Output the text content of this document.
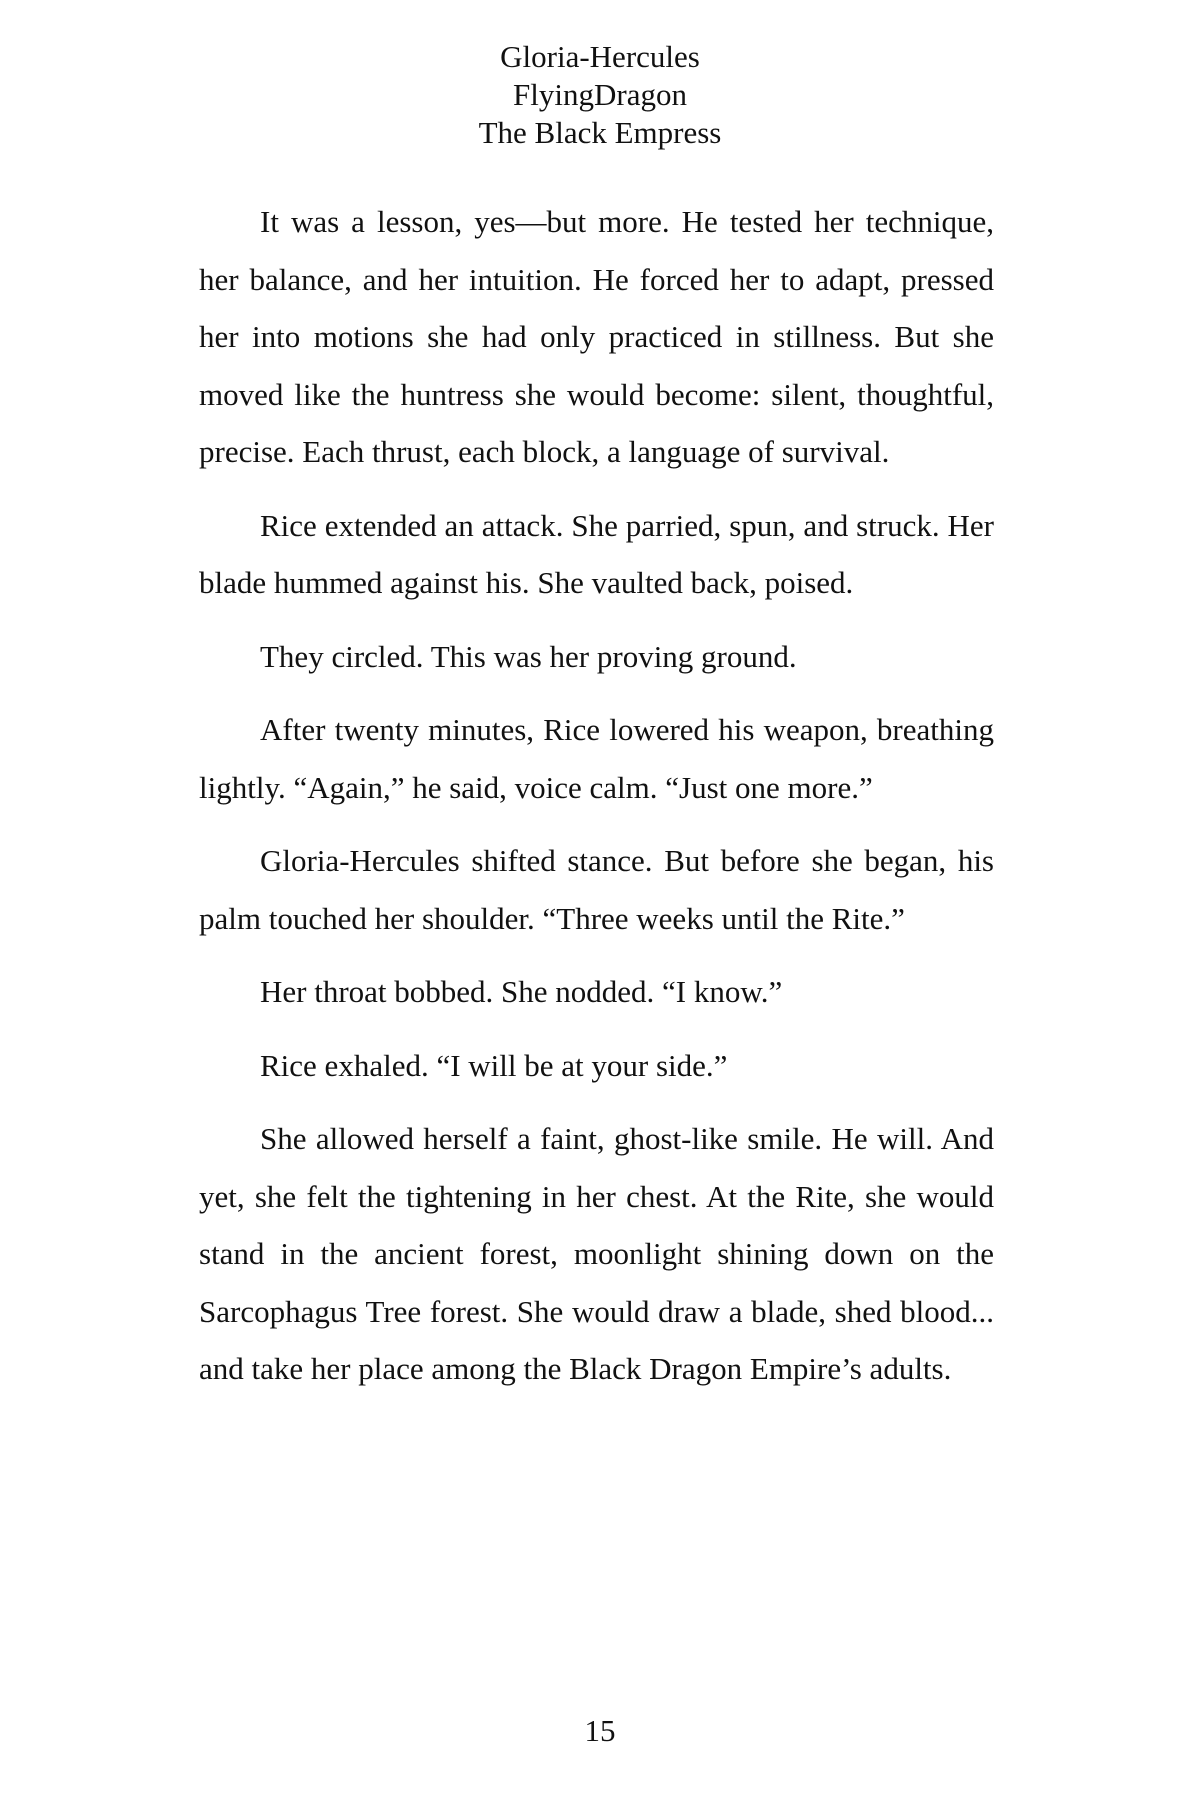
Gloria-Hercules
FlyingDragon
The Black Empress

It was a lesson, yes—but more. He tested her technique, her balance, and her intuition. He forced her to adapt, pressed her into motions she had only practiced in stillness. But she moved like the huntress she would become: silent, thoughtful, precise. Each thrust, each block, a language of survival.

Rice extended an attack. She parried, spun, and struck. Her blade hummed against his. She vaulted back, poised.

They circled. This was her proving ground.

After twenty minutes, Rice lowered his weapon, breathing lightly. “Again,” he said, voice calm. “Just one more.”

Gloria-Hercules shifted stance. But before she began, his palm touched her shoulder. “Three weeks until the Rite.”

Her throat bobbed. She nodded. “I know.”

Rice exhaled. “I will be at your side.”

She allowed herself a faint, ghost-like smile. He will. And yet, she felt the tightening in her chest. At the Rite, she would stand in the ancient forest, moonlight shining down on the Sarcophagus Tree forest. She would draw a blade, shed blood... and take her place among the Black Dragon Empire’s adults.

15
